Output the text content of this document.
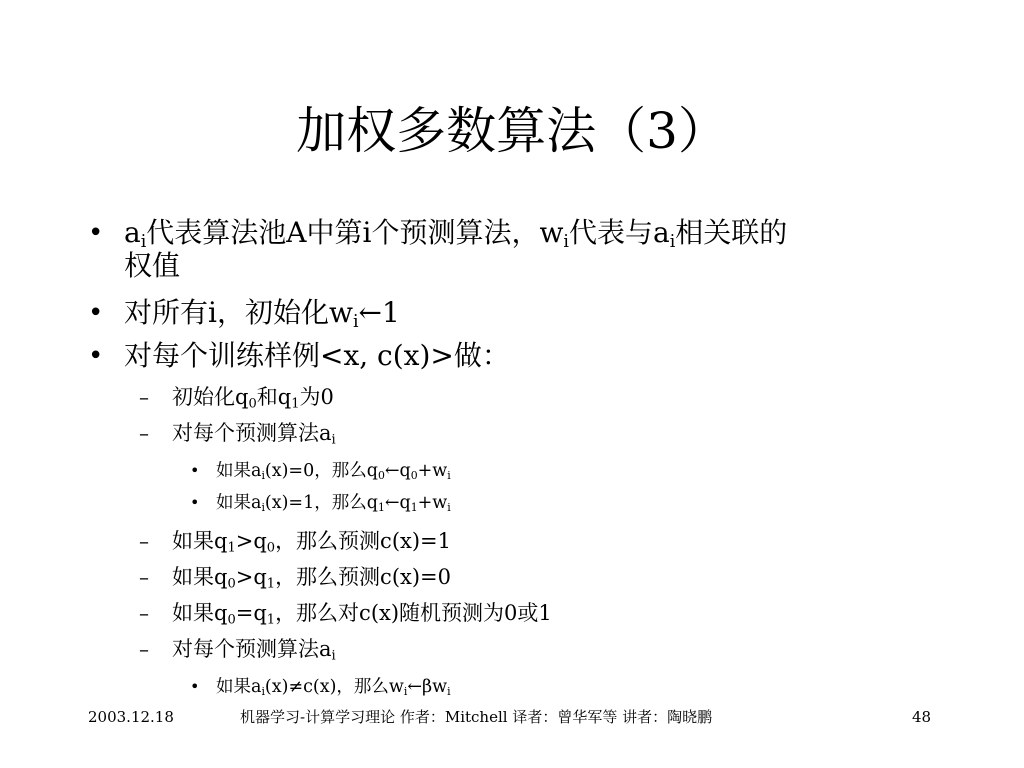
加权多数算法（3）
• $a_i$代表算法池A中第i个预测算法，$w_i$代表与$a_i$相关联的
权值
• 对所有i，初始化$w_i\leftarrow 1$
• 对每个训练样例<x, c(x)>做：
– 初始化$q_0$和$q_1$为0
– 对每个预测算法$a_i$
• 如果$a_i(x)=0$，那么$q_0\leftarrow q_0+w_i$
• 如果$a_i(x)=1$，那么$q_1\leftarrow q_1+w_i$
– 如果$q_1>q_0$，那么预测c(x)=1
– 如果$q_0>q_1$，那么预测c(x)=0
– 如果$q_0=q_1$，那么对c(x)随机预测为0或1
– 对每个预测算法$a_i$
• 如果$a_i(x)\ne c(x)$，那么$w_i\leftarrow\beta w_i$
2003.12.18	机器学习-计算学习理论 作者：Mitchell 译者：曾华军等 讲者：陶晓鹏	48
